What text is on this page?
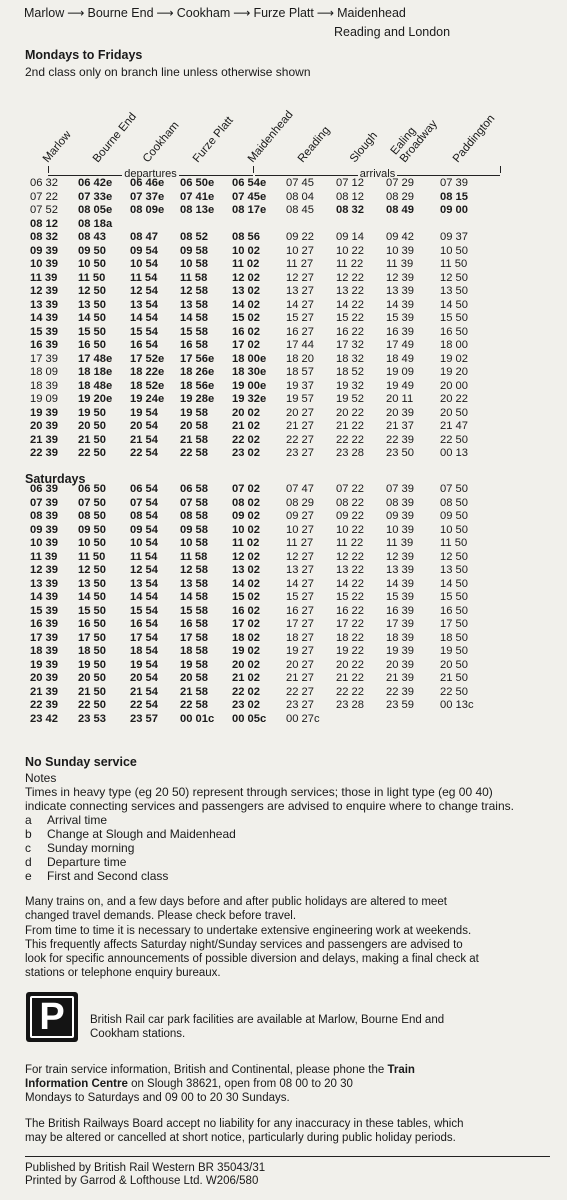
Marlow ⟶ Bourne End ⟶ Cookham ⟶ Furze Platt ⟶ Maidenhead
Reading and London
Mondays to Fridays
2nd class only on branch line unless otherwise shown
Marlow Bourne End Cookham Furze Platt Maidenhead Reading Slough Ealing Broadway Paddington
departures	arrivals
06 32	06 42e	06 46e	06 50e	06 54e	07 45	07 12	07 29	07 39
07 22	07 33e	07 37e	07 41e	07 45e	08 04	08 12	08 29	08 15
07 52	08 05e	08 09e	08 13e	08 17e	08 45	08 32	08 49	09 00
08 12	08 18a							
08 32	08 43	08 47	08 52	08 56	09 22	09 14	09 42	09 37
09 39	09 50	09 54	09 58	10 02	10 27	10 22	10 39	10 50
10 39	10 50	10 54	10 58	11 02	11 27	11 22	11 39	11 50
11 39	11 50	11 54	11 58	12 02	12 27	12 22	12 39	12 50
12 39	12 50	12 54	12 58	13 02	13 27	13 22	13 39	13 50
13 39	13 50	13 54	13 58	14 02	14 27	14 22	14 39	14 50
14 39	14 50	14 54	14 58	15 02	15 27	15 22	15 39	15 50
15 39	15 50	15 54	15 58	16 02	16 27	16 22	16 39	16 50
16 39	16 50	16 54	16 58	17 02	17 44	17 32	17 49	18 00
17 39	17 48e	17 52e	17 56e	18 00e	18 20	18 32	18 49	19 02
18 09	18 18e	18 22e	18 26e	18 30e	18 57	18 52	19 09	19 20
18 39	18 48e	18 52e	18 56e	19 00e	19 37	19 32	19 49	20 00
19 09	19 20e	19 24e	19 28e	19 32e	19 57	19 52	20 11	20 22
19 39	19 50	19 54	19 58	20 02	20 27	20 22	20 39	20 50
20 39	20 50	20 54	20 58	21 02	21 27	21 22	21 37	21 47
21 39	21 50	21 54	21 58	22 02	22 27	22 22	22 39	22 50
22 39	22 50	22 54	22 58	23 02	23 27	23 28	23 50	00 13
Saturdays
06 39	06 50	06 54	06 58	07 02	07 47	07 22	07 39	07 50
07 39	07 50	07 54	07 58	08 02	08 29	08 22	08 39	08 50
08 39	08 50	08 54	08 58	09 02	09 27	09 22	09 39	09 50
09 39	09 50	09 54	09 58	10 02	10 27	10 22	10 39	10 50
10 39	10 50	10 54	10 58	11 02	11 27	11 22	11 39	11 50
11 39	11 50	11 54	11 58	12 02	12 27	12 22	12 39	12 50
12 39	12 50	12 54	12 58	13 02	13 27	13 22	13 39	13 50
13 39	13 50	13 54	13 58	14 02	14 27	14 22	14 39	14 50
14 39	14 50	14 54	14 58	15 02	15 27	15 22	15 39	15 50
15 39	15 50	15 54	15 58	16 02	16 27	16 22	16 39	16 50
16 39	16 50	16 54	16 58	17 02	17 27	17 22	17 39	17 50
17 39	17 50	17 54	17 58	18 02	18 27	18 22	18 39	18 50
18 39	18 50	18 54	18 58	19 02	19 27	19 22	19 39	19 50
19 39	19 50	19 54	19 58	20 02	20 27	20 22	20 39	20 50
20 39	20 50	20 54	20 58	21 02	21 27	21 22	21 39	21 50
21 39	21 50	21 54	21 58	22 02	22 27	22 22	22 39	22 50
22 39	22 50	22 54	22 58	23 02	23 27	23 28	23 59	00 13c
23 42	23 53	23 57	00 01c	00 05c	00 27c			
No Sunday service
Notes
Times in heavy type (eg 20 50) represent through services; those in light type (eg 00 40)
indicate connecting services and passengers are advised to enquire where to change trains.
a	Arrival time
b	Change at Slough and Maidenhead
c	Sunday morning
d	Departure time
e	First and Second class
Many trains on, and a few days before and after public holidays are altered to meet
changed travel demands. Please check before travel.
From time to time it is necessary to undertake extensive engineering work at weekends.
This frequently affects Saturday night/Sunday services and passengers are advised to
look for specific announcements of possible diversion and delays, making a final check at
stations or telephone enquiry bureaux.
P British Rail car park facilities are available at Marlow, Bourne End and
Cookham stations.
For train service information, British and Continental, please phone the Train
Information Centre on Slough 38621, open from 08 00 to 20 30
Mondays to Saturdays and 09 00 to 20 30 Sundays.
The British Railways Board accept no liability for any inaccuracy in these tables, which
may be altered or cancelled at short notice, particularly during public holiday periods.
Published by British Rail Western BR 35043/31
Printed by Garrod & Lofthouse Ltd. W206/580
